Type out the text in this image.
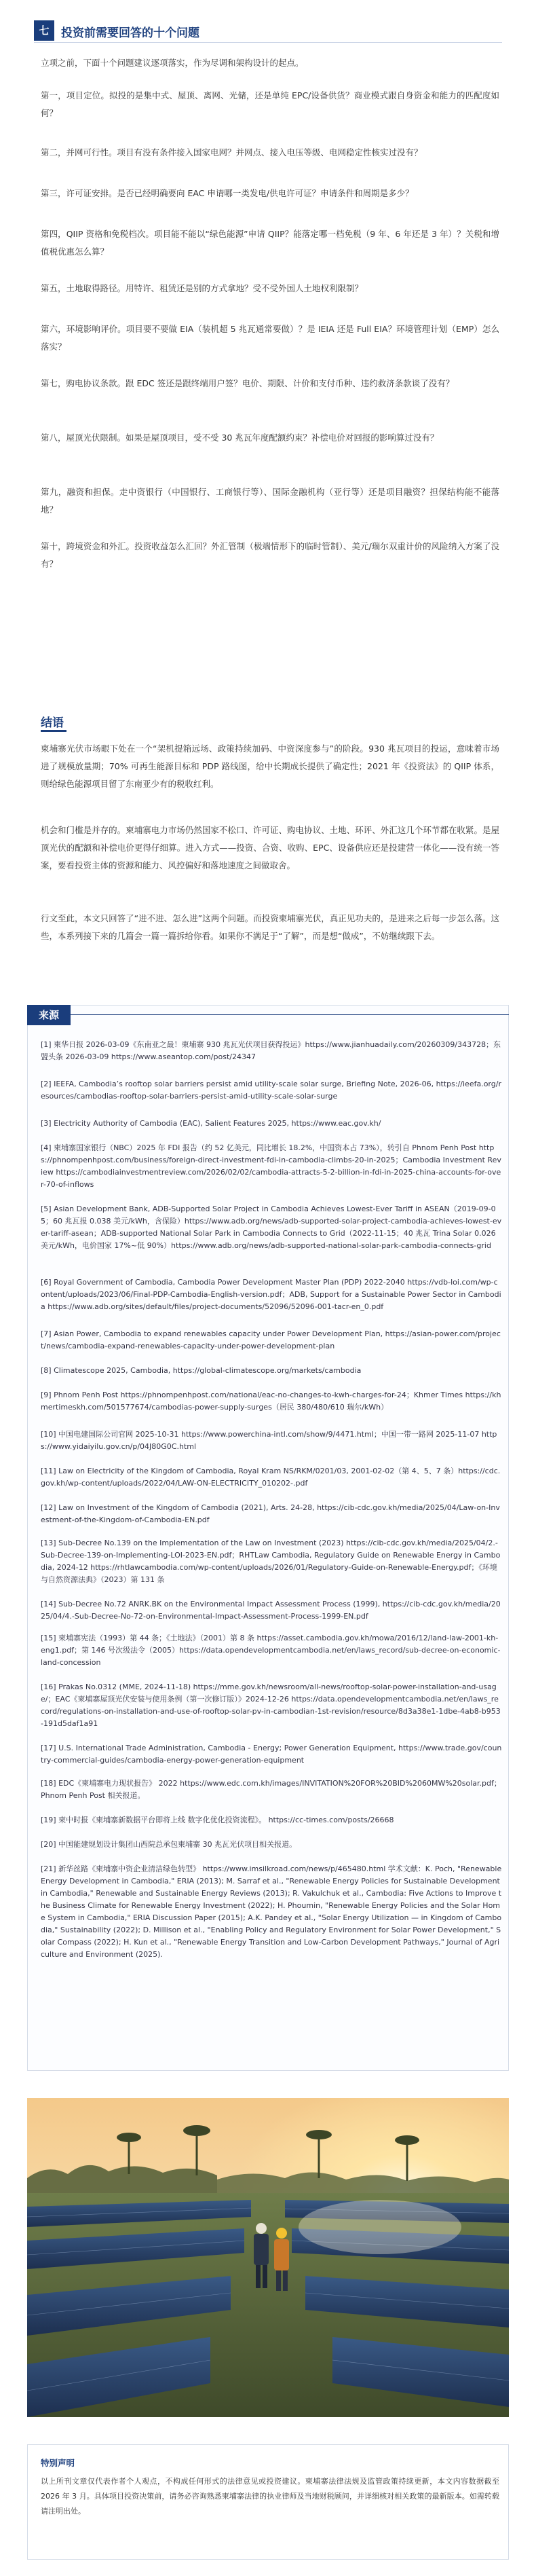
七	投资前需要回答的十个问题

立项之前，下面十个问题建议逐项落实，作为尽调和架构设计的起点。

第一，项目定位。拟投的是集中式、屋顶、离网、光储，还是单纯 EPC/设备供货？商业模式跟自身资金和能力的匹配度如何？

第二，并网可行性。项目有没有条件接入国家电网？并网点、接入电压等级、电网稳定性核实过没有？

第三，许可证安排。是否已经明确要向 EAC 申请哪一类发电/供电许可证？申请条件和周期是多少？

第四，QIIP 资格和免税档次。项目能不能以“绿色能源”申请 QIIP？能落定哪一档免税（9 年、6 年还是 3 年）？关税和增值税优惠怎么算？

第五，土地取得路径。用特许、租赁还是别的方式拿地？受不受外国人土地权利限制？

第六，环境影响评价。项目要不要做 EIA（装机超 5 兆瓦通常要做）？是 IEIA 还是 Full EIA？环境管理计划（EMP）怎么落实？

第七，购电协议条款。跟 EDC 签还是跟终端用户签？电价、期限、计价和支付币种、违约救济条款谈了没有？

第八，屋顶光伏限制。如果是屋顶项目，受不受 30 兆瓦年度配额约束？补偿电价对回报的影响算过没有？

第九，融资和担保。走中资银行（中国银行、工商银行等）、国际金融机构（亚行等）还是项目融资？担保结构能不能落地？

第十，跨境资金和外汇。投资收益怎么汇回？外汇管制（极端情形下的临时管制）、美元/瑞尔双重计价的风险纳入方案了没有？

结语

柬埔寨光伏市场眼下处在一个“架机提箱远场、政策持续加码、中资深度参与”的阶段。930 兆瓦项目的投运，意味着市场进了规模放量期；70% 可再生能源目标和 PDP 路线图，给中长期成长提供了确定性；2021 年《投资法》的 QIIP 体系，则给绿色能源项目留了东南亚少有的税收红利。

机会和门槛是并存的。柬埔寨电力市场仍然国家不松口、许可证、购电协议、土地、环评、外汇这几个环节都在收紧。是屋顶光伏的配额和补偿电价更得仔细算。进入方式——投资、合资、收购、EPC、设备供应还是投建营一体化——没有统一答案，要看投资主体的资源和能力、风控偏好和落地速度之间做取舍。

行文至此，本文只回答了“进不进、怎么进”这两个问题。而投资柬埔寨光伏，真正见功夫的，是进来之后每一步怎么落。这些，本系列接下来的几篇会一篇一篇拆给你看。如果你不满足于“了解”，而是想“做成”，不妨继续跟下去。

来源

[1] 柬华日报 2026-03-09《东南亚之最！柬埔寨 930 兆瓦光伏项目获得投运》https://www.jianhuadaily.com/20260309/343728；东盟头条 2026-03-09 https://www.aseantop.com/post/24347

[2] IEEFA, Cambodia’s rooftop solar barriers persist amid utility-scale solar surge, Briefing Note, 2026-06, https://ieefa.org/resources/cambodias-rooftop-solar-barriers-persist-amid-utility-scale-solar-surge

[3] Electricity Authority of Cambodia (EAC), Salient Features 2025, https://www.eac.gov.kh/

[4] 柬埔寨国家银行（NBC）2025 年 FDI 报告（约 52 亿美元，同比增长 18.2%，中国资本占 73%），转引自 Phnom Penh Post https://phnompenhpost.com/business/foreign-direct-investment-fdi-in-cambodia-climbs-20-in-2025；Cambodia Investment Review https://cambodiainvestmentreview.com/2026/02/02/cambodia-attracts-5-2-billion-in-fdi-in-2025-china-accounts-for-over-70-of-inflows

[5] Asian Development Bank, ADB-Supported Solar Project in Cambodia Achieves Lowest-Ever Tariff in ASEAN（2019-09-05；60 兆瓦报 0.038 美元/kWh，含保险）https://www.adb.org/news/adb-supported-solar-project-cambodia-achieves-lowest-ever-tariff-asean；ADB-supported National Solar Park in Cambodia Connects to Grid（2022-11-15；40 兆瓦 Trina Solar 0.026 美元/kWh，电价国家 17%~低 90%）https://www.adb.org/news/adb-supported-national-solar-park-cambodia-connects-grid

[6] Royal Government of Cambodia, Cambodia Power Development Master Plan (PDP) 2022-2040 https://vdb-loi.com/wp-content/uploads/2023/06/Final-PDP-Cambodia-English-version.pdf；ADB, Support for a Sustainable Power Sector in Cambodia https://www.adb.org/sites/default/files/project-documents/52096/52096-001-tacr-en_0.pdf

[7] Asian Power, Cambodia to expand renewables capacity under Power Development Plan, https://asian-power.com/project/news/cambodia-expand-renewables-capacity-under-power-development-plan

[8] Climatescope 2025, Cambodia, https://global-climatescope.org/markets/cambodia

[9] Phnom Penh Post https://phnompenhpost.com/national/eac-no-changes-to-kwh-charges-for-24；Khmer Times https://khmertimeskh.com/501577674/cambodias-power-supply-surges（居民 380/480/610 瑞尔/kWh）

[10] 中国电建国际公司官网 2025-10-31 https://www.powerchina-intl.com/show/9/4471.html；中国一带一路网 2025-11-07 https://www.yidaiyilu.gov.cn/p/04J80G0C.html

[11] Law on Electricity of the Kingdom of Cambodia, Royal Kram NS/RKM/0201/03, 2001-02-02（第 4、5、7 条）https://cdc.gov.kh/wp-content/uploads/2022/04/LAW-ON-ELECTRICITY_010202-.pdf

[12] Law on Investment of the Kingdom of Cambodia (2021), Arts. 24-28, https://cib-cdc.gov.kh/media/2025/04/Law-on-Investment-of-the-Kingdom-of-Cambodia-EN.pdf

[13] Sub-Decree No.139 on the Implementation of the Law on Investment (2023) https://cib-cdc.gov.kh/media/2025/04/2.-Sub-Decree-139-on-Implementing-LOI-2023-EN.pdf；RHTLaw Cambodia, Regulatory Guide on Renewable Energy in Cambodia, 2024-12 https://rhtlawcambodia.com/wp-content/uploads/2026/01/Regulatory-Guide-on-Renewable-Energy.pdf；《环境与自然资源法典》（2023）第 131 条

[14] Sub-Decree No.72 ANRK.BK on the Environmental Impact Assessment Process (1999), https://cib-cdc.gov.kh/media/2025/04/4.-Sub-Decree-No-72-on-Environmental-Impact-Assessment-Process-1999-EN.pdf

[15] 柬埔寨宪法（1993）第 44 条；《土地法》（2001）第 8 条 https://asset.cambodia.gov.kh/mowa/2016/12/land-law-2001-kh-eng1.pdf；第 146 号次级法令（2005）https://data.opendevelopmentcambodia.net/en/laws_record/sub-decree-on-economic-land-concession

[16] Prakas No.0312 (MME, 2024-11-18) https://mme.gov.kh/newsroom/all-news/rooftop-solar-power-installation-and-usage/；EAC《柬埔寨屋顶光伏安装与使用条例（第一次修订版）》2024-12-26 https://data.opendevelopmentcambodia.net/en/laws_record/regulations-on-installation-and-use-of-rooftop-solar-pv-in-cambodian-1st-revision/resource/8d3a38e1-1dbe-4ab8-b953-191d5daf1a91

[17] U.S. International Trade Administration, Cambodia - Energy; Power Generation Equipment, https://www.trade.gov/country-commercial-guides/cambodia-energy-power-generation-equipment

[18] EDC《柬埔寨电力现状报告》 2022 https://www.edc.com.kh/images/INVITATION%20FOR%20BID%2060MW%20solar.pdf；Phnom Penh Post 相关报道。

[19] 柬中时报《柬埔寨新数据平台即将上线 数字化优化投资流程》。 https://cc-times.com/posts/26668

[20] 中国能建规划设计集团山西院总承包柬埔寨 30 兆瓦光伏项目相关报道。

[21] 新华丝路《柬埔寨中资企业清洁绿色转型》 https://www.imsilkroad.com/news/p/465480.html 学术文献：K. Poch, "Renewable Energy Development in Cambodia," ERIA (2013); M. Sarraf et al., "Renewable Energy Policies for Sustainable Development in Cambodia," Renewable and Sustainable Energy Reviews (2013); R. Vakulchuk et al., Cambodia: Five Actions to Improve the Business Climate for Renewable Energy Investment (2022); H. Phoumin, "Renewable Energy Policies and the Solar Home System in Cambodia," ERIA Discussion Paper (2015); A.K. Pandey et al., "Solar Energy Utilization — in Kingdom of Cambodia," Sustainability (2022); D. Millison et al., "Enabling Policy and Regulatory Environment for Solar Power Development," Solar Compass (2022); H. Kun et al., "Renewable Energy Transition and Low-Carbon Development Pathways," Journal of Agriculture and Environment (2025).

特别声明

以上所刊文章仅代表作者个人观点，不构成任何形式的法律意见或投资建议。柬埔寨法律法规及监管政策持续更新，本文内容数据截至 2026 年 3 月。具体项目投资决策前，请务必咨询熟悉柬埔寨法律的执业律师及当地财税顾问，并详细核对相关政策的最新版本。如需转载请注明出处。
